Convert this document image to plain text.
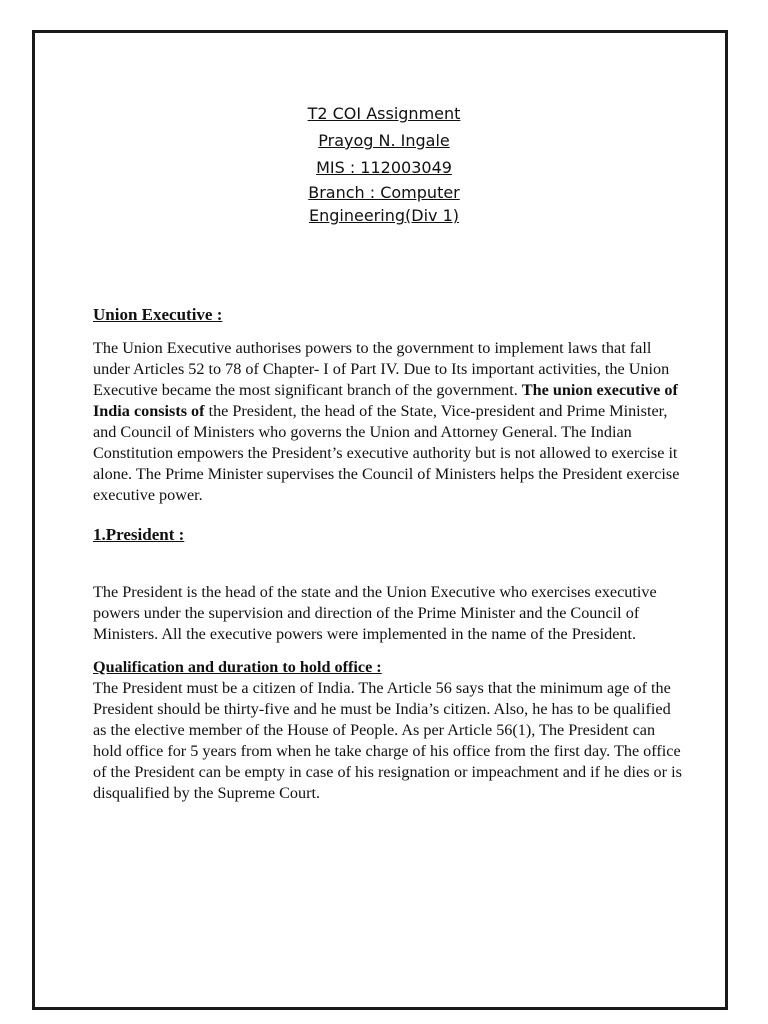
T2 COI Assignment
Prayog N. Ingale
MIS : 112003049
Branch : Computer
Engineering(Div 1)
Union Executive :

The Union Executive authorises powers to the government to implement laws that fall under Articles 52 to 78 of Chapter- I of Part IV. Due to Its important activities, the Union Executive became the most significant branch of the government. The union executive of India consists of the President, the head of the State, Vice-president and Prime Minister, and Council of Ministers who governs the Union and Attorney General. The Indian Constitution empowers the President’s executive authority but is not allowed to exercise it alone. The Prime Minister supervises the Council of Ministers helps the President exercise executive power.

1.President :

The President is the head of the state and the Union Executive who exercises executive powers under the supervision and direction of the Prime Minister and the Council of Ministers. All the executive powers were implemented in the name of the President.

Qualification and duration to hold office :

The President must be a citizen of India. The Article 56 says that the minimum age of the President should be thirty-five and he must be India’s citizen. Also, he has to be qualified as the elective member of the House of People. As per Article 56(1), The President can hold office for 5 years from when he take charge of his office from the first day. The office of the President can be empty in case of his resignation or impeachment and if he dies or is disqualified by the Supreme Court.
